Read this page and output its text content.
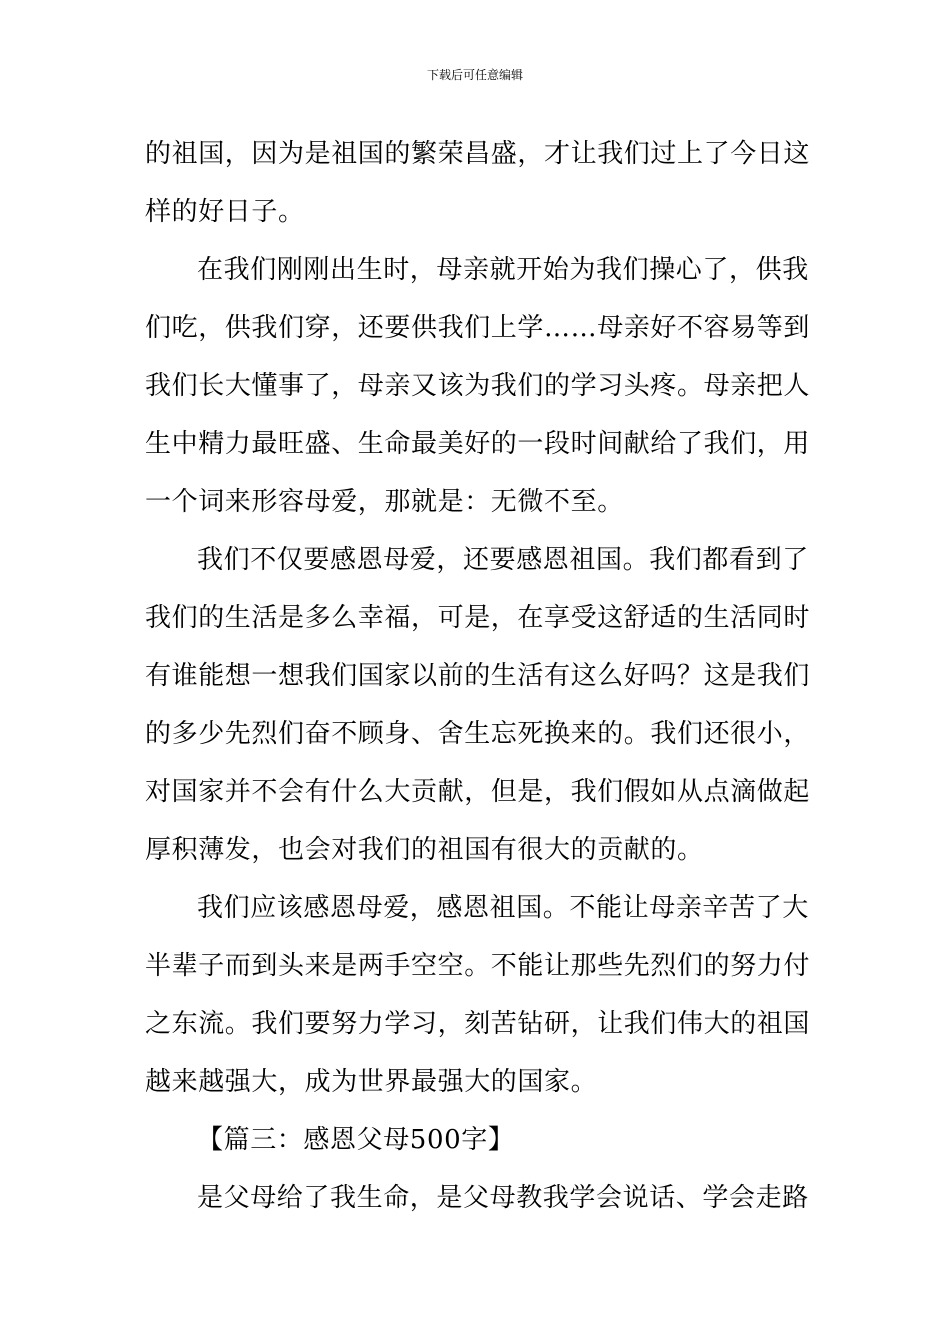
下载后可任意编辑
的祖国，因为是祖国的繁荣昌盛，才让我们过上了今日这
样的好日子。
在我们刚刚出生时，母亲就开始为我们操心了，供我
们吃，供我们穿，还要供我们上学……母亲好不容易等到
我们长大懂事了，母亲又该为我们的学习头疼。母亲把人
生中精力最旺盛、生命最美好的一段时间献给了我们，用
一个词来形容母爱，那就是：无微不至。
我们不仅要感恩母爱，还要感恩祖国。我们都看到了
我们的生活是多么幸福，可是，在享受这舒适的生活同时
有谁能想一想我们国家以前的生活有这么好吗？这是我们
的多少先烈们奋不顾身、舍生忘死换来的。我们还很小，
对国家并不会有什么大贡献，但是，我们假如从点滴做起
厚积薄发，也会对我们的祖国有很大的贡献的。
我们应该感恩母爱，感恩祖国。不能让母亲辛苦了大
半辈子而到头来是两手空空。不能让那些先烈们的努力付
之东流。我们要努力学习，刻苦钻研，让我们伟大的祖国
越来越强大，成为世界最强大的国家。
【篇三：感恩父母500字】
是父母给了我生命，是父母教我学会说话、学会走路
